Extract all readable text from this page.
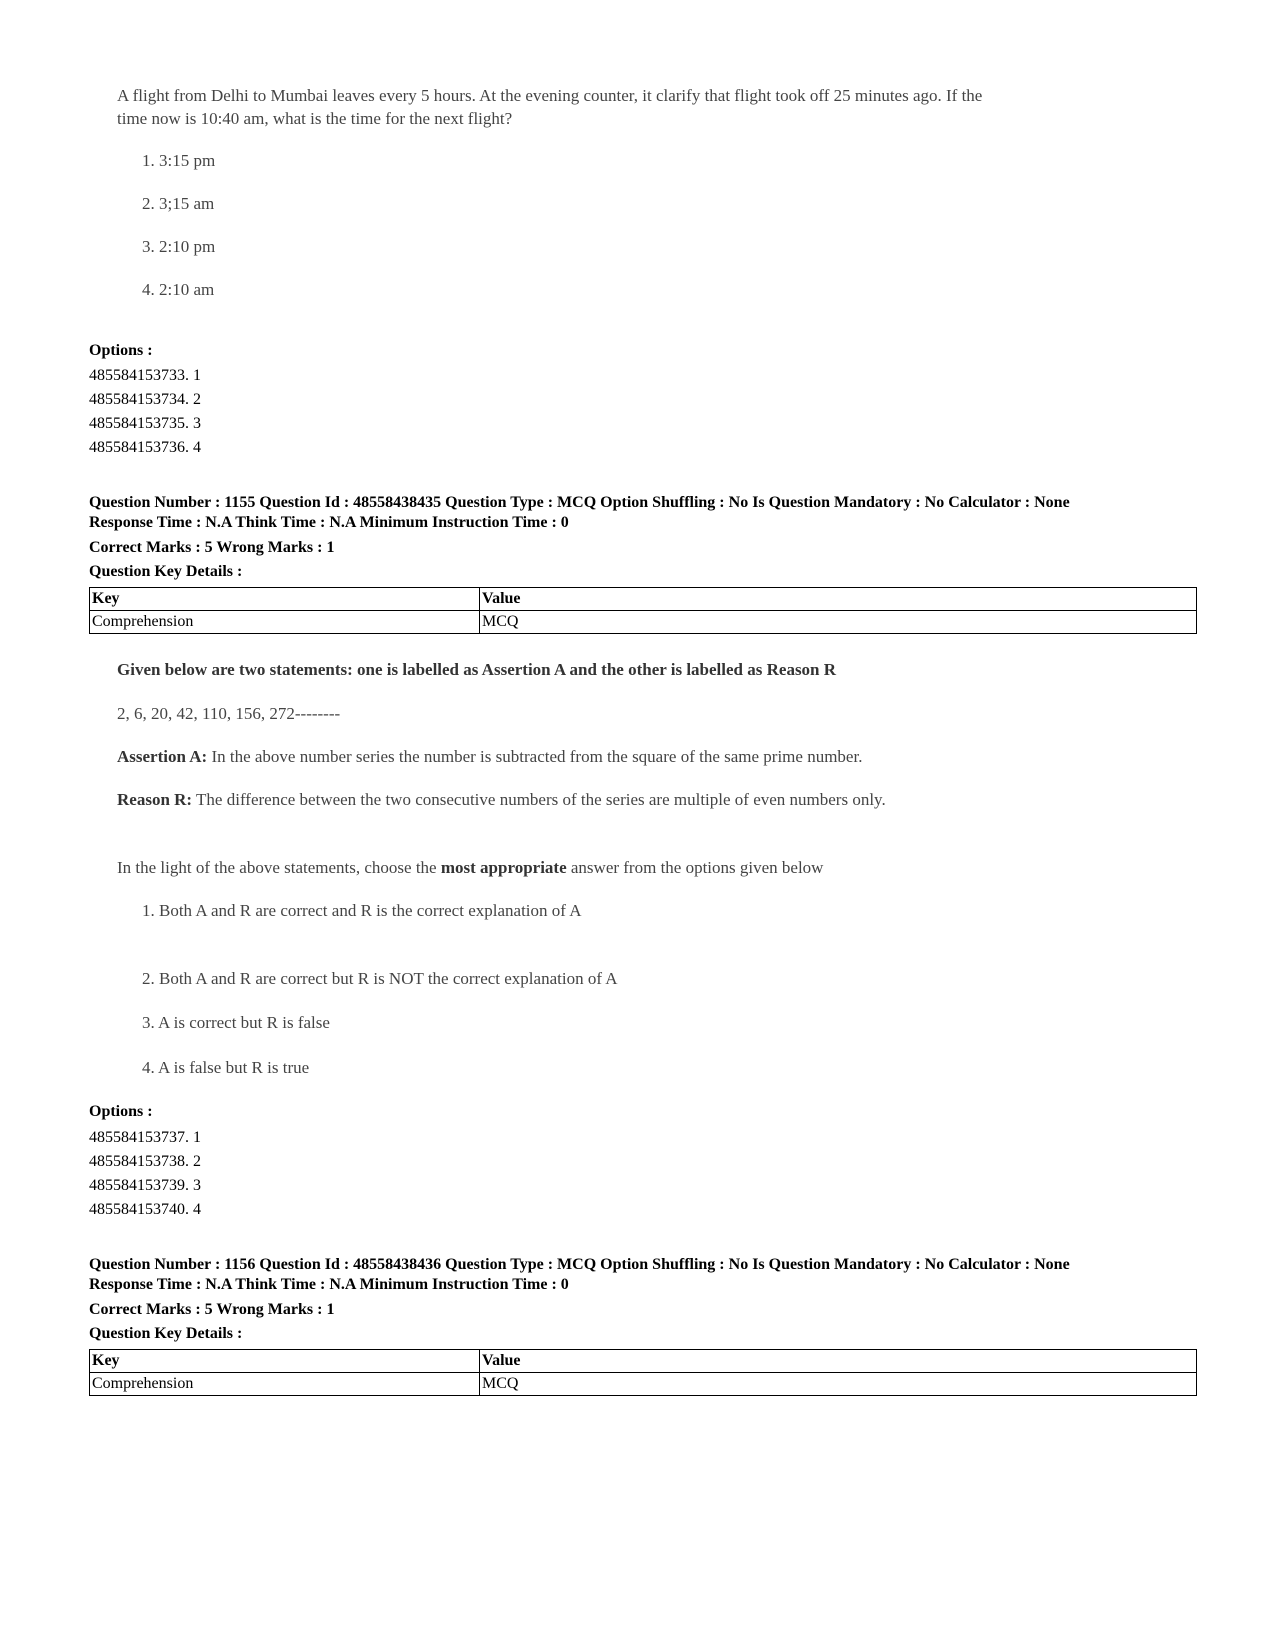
A flight from Delhi to Mumbai leaves every 5 hours. At the evening counter, it clarify that flight took off 25 minutes ago. If the time now is 10:40 am, what is the time for the next flight?
1. 3:15 pm
2. 3;15 am
3. 2:10 pm
4. 2:10 am
Options :
485584153733. 1
485584153734. 2
485584153735. 3
485584153736. 4
Question Number : 1155 Question Id : 48558438435 Question Type : MCQ Option Shuffling : No Is Question Mandatory : No Calculator : None
Response Time : N.A Think Time : N.A Minimum Instruction Time : 0
Correct Marks : 5 Wrong Marks : 1
Question Key Details :
Key	Value
Comprehension	MCQ
Given below are two statements: one is labelled as Assertion A and the other is labelled as Reason R
2, 6, 20, 42, 110, 156, 272--------
Assertion A: In the above number series the number is subtracted from the square of the same prime number.
Reason R: The difference between the two consecutive numbers of the series are multiple of even numbers only.
In the light of the above statements, choose the most appropriate answer from the options given below
1. Both A and R are correct and R is the correct explanation of A
2. Both A and R are correct but R is NOT the correct explanation of A
3. A is correct but R is false
4. A is false but R is true
Options :
485584153737. 1
485584153738. 2
485584153739. 3
485584153740. 4
Question Number : 1156 Question Id : 48558438436 Question Type : MCQ Option Shuffling : No Is Question Mandatory : No Calculator : None
Response Time : N.A Think Time : N.A Minimum Instruction Time : 0
Correct Marks : 5 Wrong Marks : 1
Question Key Details :
Key	Value
Comprehension	MCQ
